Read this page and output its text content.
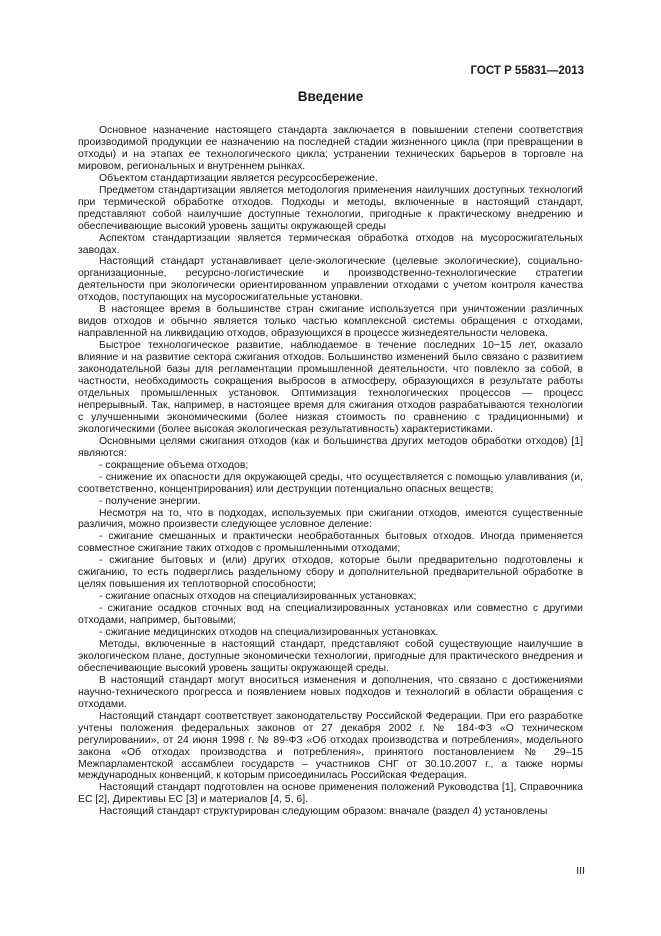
ГОСТ Р 55831—2013
Введение

Основное назначение настоящего стандарта заключается в повышении степени соответствия производимой продукции ее назначению на последней стадии жизненного цикла (при превращении в отходы) и на этапах ее технологического цикла; устранении технических барьеров в торговле на мировом, региональных и внутреннем рынках.

Объектом стандартизации является ресурсосбережение.

Предметом стандартизации является методология применения наилучших доступных технологий при термической обработке отходов. Подходы и методы, включенные в настоящий стандарт, представляют собой наилучшие доступные технологии, пригодные к практическому внедрению и обеспечивающие высокий уровень защиты окружающей среды

Аспектом стандартизации является термическая обработка отходов на мусоросжигательных заводах.

Настоящий стандарт устанавливает целе-экологические (целевые экологические), социально-организационные, ресурсно-логистические и производственно-технологические стратегии деятельности при экологически ориентированном управлении отходами с учетом контроля качества отходов, поступающих на мусоросжигательные установки.

В настоящее время в большинстве стран сжигание используется при уничтожении различных видов отходов и обычно является только частью комплексной системы обращения с отходами, направленной на ликвидацию отходов, образующихся в процессе жизнедеятельности человека.

Быстрое технологическое развитие, наблюдаемое в течение последних 10−15 лет, оказало влияние и на развитие сектора сжигания отходов. Большинство изменений было связано с развитием законодательной базы для регламентации промышленной деятельности, что повлекло за собой, в частности, необходимость сокращения выбросов в атмосферу, образующихся в результате работы отдельных промышленных установок. Оптимизация технологических процессов — процесс непрерывный. Так, например, в настоящее время для сжигания отходов разрабатываются технологии с улучшенными экономическими (более низкая стоимость по сравнению с традиционными) и экологическими (более высокая экологическая результативность) характеристиками.

Основными целями сжигания отходов (как и большинства других методов обработки отходов) [1] являются:

- сокращение объема отходов;

- снижение их опасности для окружающей среды, что осуществляется с помощью улавливания (и, соответственно, концентрирования) или деструкции потенциально опасных веществ;

- получение энергии.

Несмотря на то, что в подходах, используемых при сжигании отходов, имеются существенные различия, можно произвести следующее условное деление:

- сжигание смешанных и практически необработанных бытовых отходов. Иногда применяется совместное сжигание таких отходов с промышленными отходами;

- сжигание бытовых и (или) других отходов, которые были предварительно подготовлены к сжиганию, то есть подверглись раздельному сбору и дополнительной предварительной обработке в целях повышения их теплотворной способности;

- сжигание опасных отходов на специализированных установках;

- сжигание осадков сточных вод на специализированных установках или совместно с другими отходами, например, бытовыми;

- сжигание медицинских отходов на специализированных установках.

Методы, включенные в настоящий стандарт, представляют собой существующие наилучшие в экологическом плане, доступные экономически технологии, пригодные для практического внедрения и обеспечивающие высокий уровень защиты окружающей среды.

В настоящий стандарт могут вноситься изменения и дополнения, что связано с достижениями научно-технического прогресса и появлением новых подходов и технологий в области обращения с отходами.

Настоящий стандарт соответствует законодательству Российской Федерации. При его разработке учтены положения федеральных законов от 27 декабря 2002 г. № 184-ФЗ «О техническом регулировании», от 24 июня 1998 г. № 89-ФЗ «Об отходах производства и потребления», модельного закона «Об отходах производства и потребления», принятого постановлением № 29–15 Межпарламентской ассамблеи государств – участников СНГ от 30.10.2007 г., а также нормы международных конвенций, к которым присоединилась Российская Федерация.

Настоящий стандарт подготовлен на основе применения положений Руководства [1], Справочника ЕС [2], Директивы ЕС [3] и материалов [4, 5, 6].

Настоящий стандарт структурирован следующим образом: вначале (раздел 4) установлены

III
